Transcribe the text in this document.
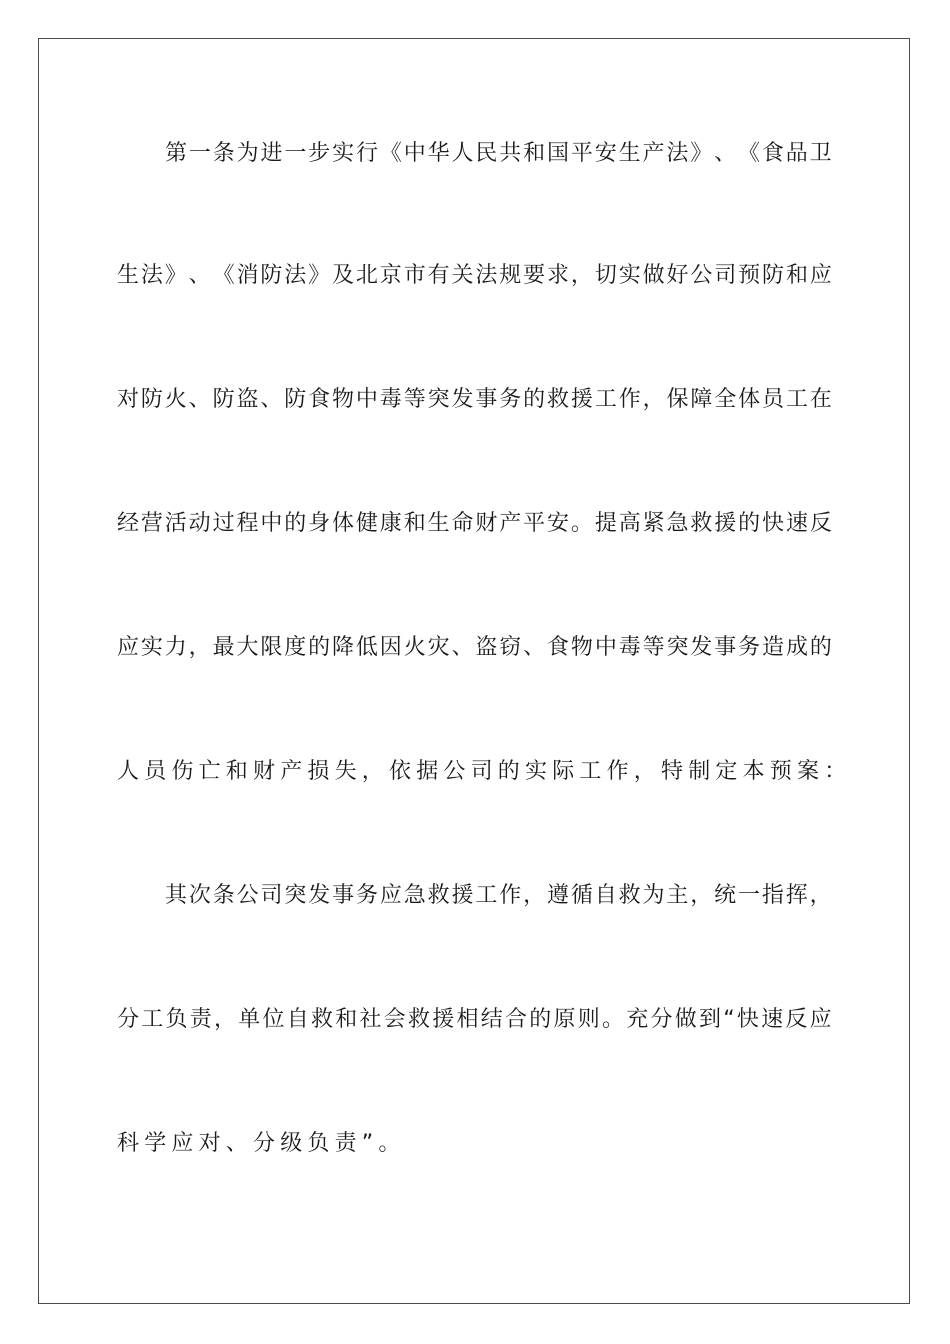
第 一 条 为 进 一 步 实 行 《 中 华 人 民 共 和 国 平 安 生 产 法 》 、 《 食 品 卫
生 法 》 、 《 消 防 法 》 及 北 京 市 有 关 法 规 要 求 ， 切 实 做 好 公 司 预 防 和 应
对 防 火 、 防 盗 、 防 食 物 中 毒 等 突 发 事 务 的 救 援 工 作 ， 保 障 全 体 员 工 在
经 营 活 动 过 程 中 的 身 体 健 康 和 生 命 财 产 平 安 。 提 高 紧 急 救 援 的 快 速 反
应 实 力 ， 最 大 限 度 的 降 低 因 火 灾 、 盗 窃 、 食 物 中 毒 等 突 发 事 务 造 成 的
人员伤亡和财产损失，依据公司的实际工作，特制定本预案：
其 次 条 公 司 突 发 事 务 应 急 救 援 工 作 ， 遵 循 自 救 为 主 ， 统 一 指 挥 ，
分 工 负 责 ， 单 位 自 救 和 社 会 救 援 相 结 合 的 原 则 。 充 分 做 到 “ 快 速 反 应
科学应对、分级负责”。
